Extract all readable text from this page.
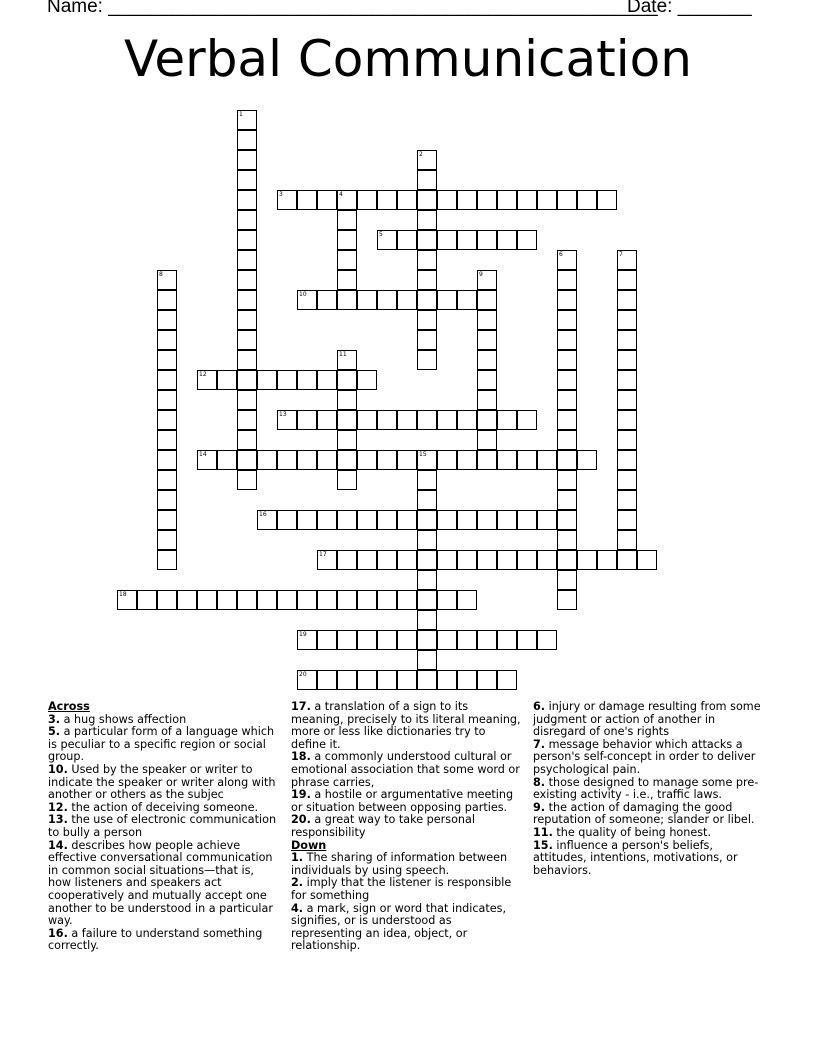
Name: ____________________________________________________
Date: _______
Verbal Communication
1
2
3	4
5
6	7
8	9
10
11
12
13
14	15
16
17
18
19
20
Across
3. a hug shows affection
5. a particular form of a language which is peculiar to a specific region or social group.
10. Used by the speaker or writer to indicate the speaker or writer along with another or others as the subjec
12. the action of deceiving someone.
13. the use of electronic communication to bully a person
14. describes how people achieve effective conversational communication in common social situations—that is, how listeners and speakers act cooperatively and mutually accept one another to be understood in a particular way.
16. a failure to understand something correctly.
17. a translation of a sign to its meaning, precisely to its literal meaning, more or less like dictionaries try to define it.
18. a commonly understood cultural or emotional association that some word or phrase carries,
19. a hostile or argumentative meeting or situation between opposing parties.
20. a great way to take personal responsibility
Down
1. The sharing of information between individuals by using speech.
2. imply that the listener is responsible for something
4. a mark, sign or word that indicates, signifies, or is understood as representing an idea, object, or relationship.
6. injury or damage resulting from some judgment or action of another in disregard of one's rights
7. message behavior which attacks a person's self-concept in order to deliver psychological pain.
8. those designed to manage some pre-existing activity - i.e., traffic laws.
9. the action of damaging the good reputation of someone; slander or libel.
11. the quality of being honest.
15. influence a person's beliefs, attitudes, intentions, motivations, or behaviors.
